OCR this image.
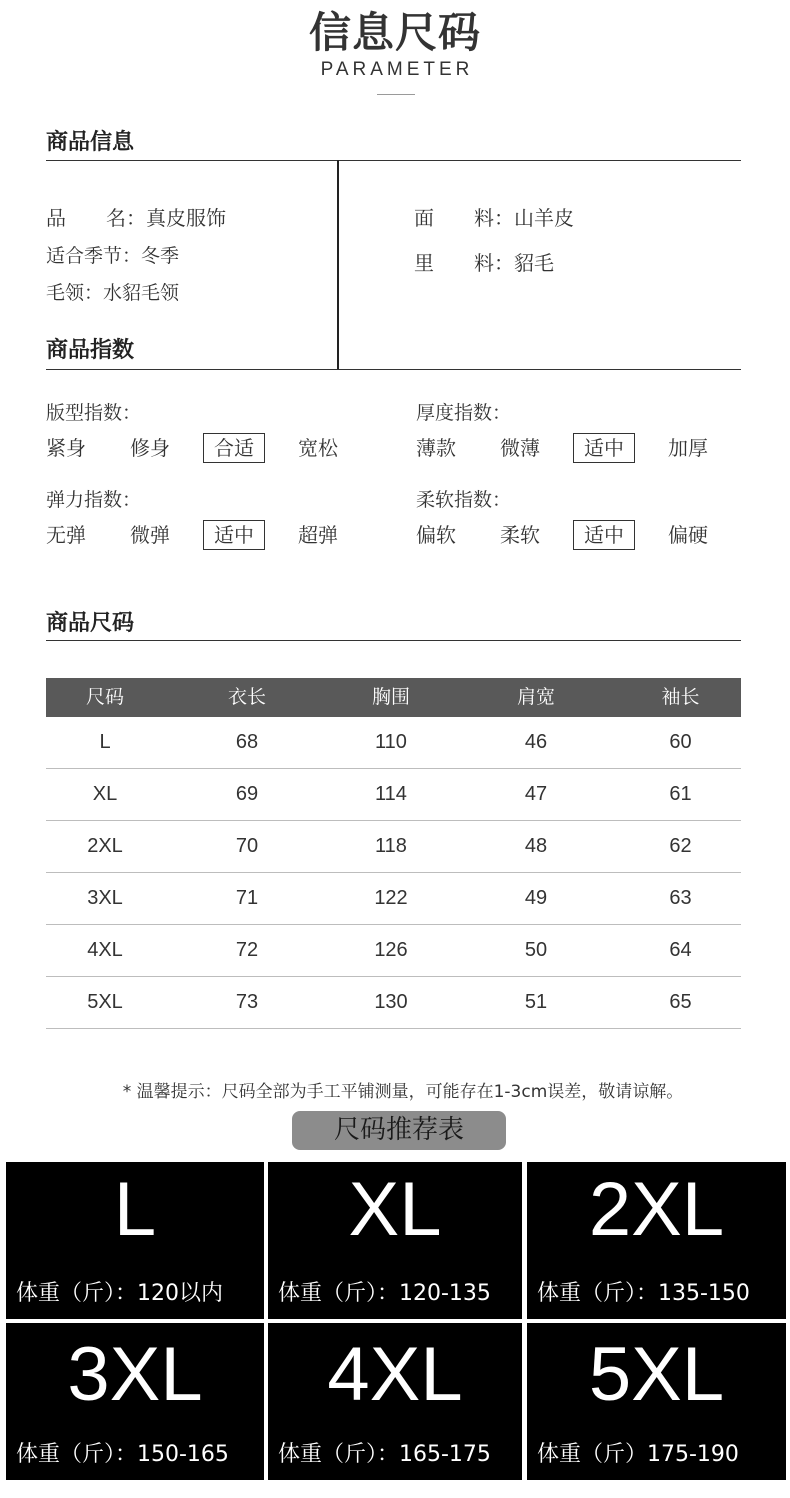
信息尺码
PARAMETER
商品信息
品　　名：真皮服饰
适合季节：冬季
毛领：水貂毛领
面　　料：山羊皮
里　　料：貂毛
商品指数
版型指数：
紧身	修身	合适	宽松
厚度指数：
薄款	微薄	适中	加厚
弹力指数：
无弹	微弹	适中	超弹
柔软指数：
偏软	柔软	适中	偏硬
商品尺码
尺码	衣长	胸围	肩宽	袖长
L	68	110	46	60
XL	69	114	47	61
2XL	70	118	48	62
3XL	71	122	49	63
4XL	72	126	50	64
5XL	73	130	51	65
* 温馨提示：尺码全部为手工平铺测量，可能存在1-3cm误差，敬请谅解。
尺码推荐表
L
体重（斤）：120以内
XL
体重（斤）：120-135
2XL
体重（斤）：135-150
3XL
体重（斤）：150-165
4XL
体重（斤）：165-175
5XL
体重（斤）175-190
